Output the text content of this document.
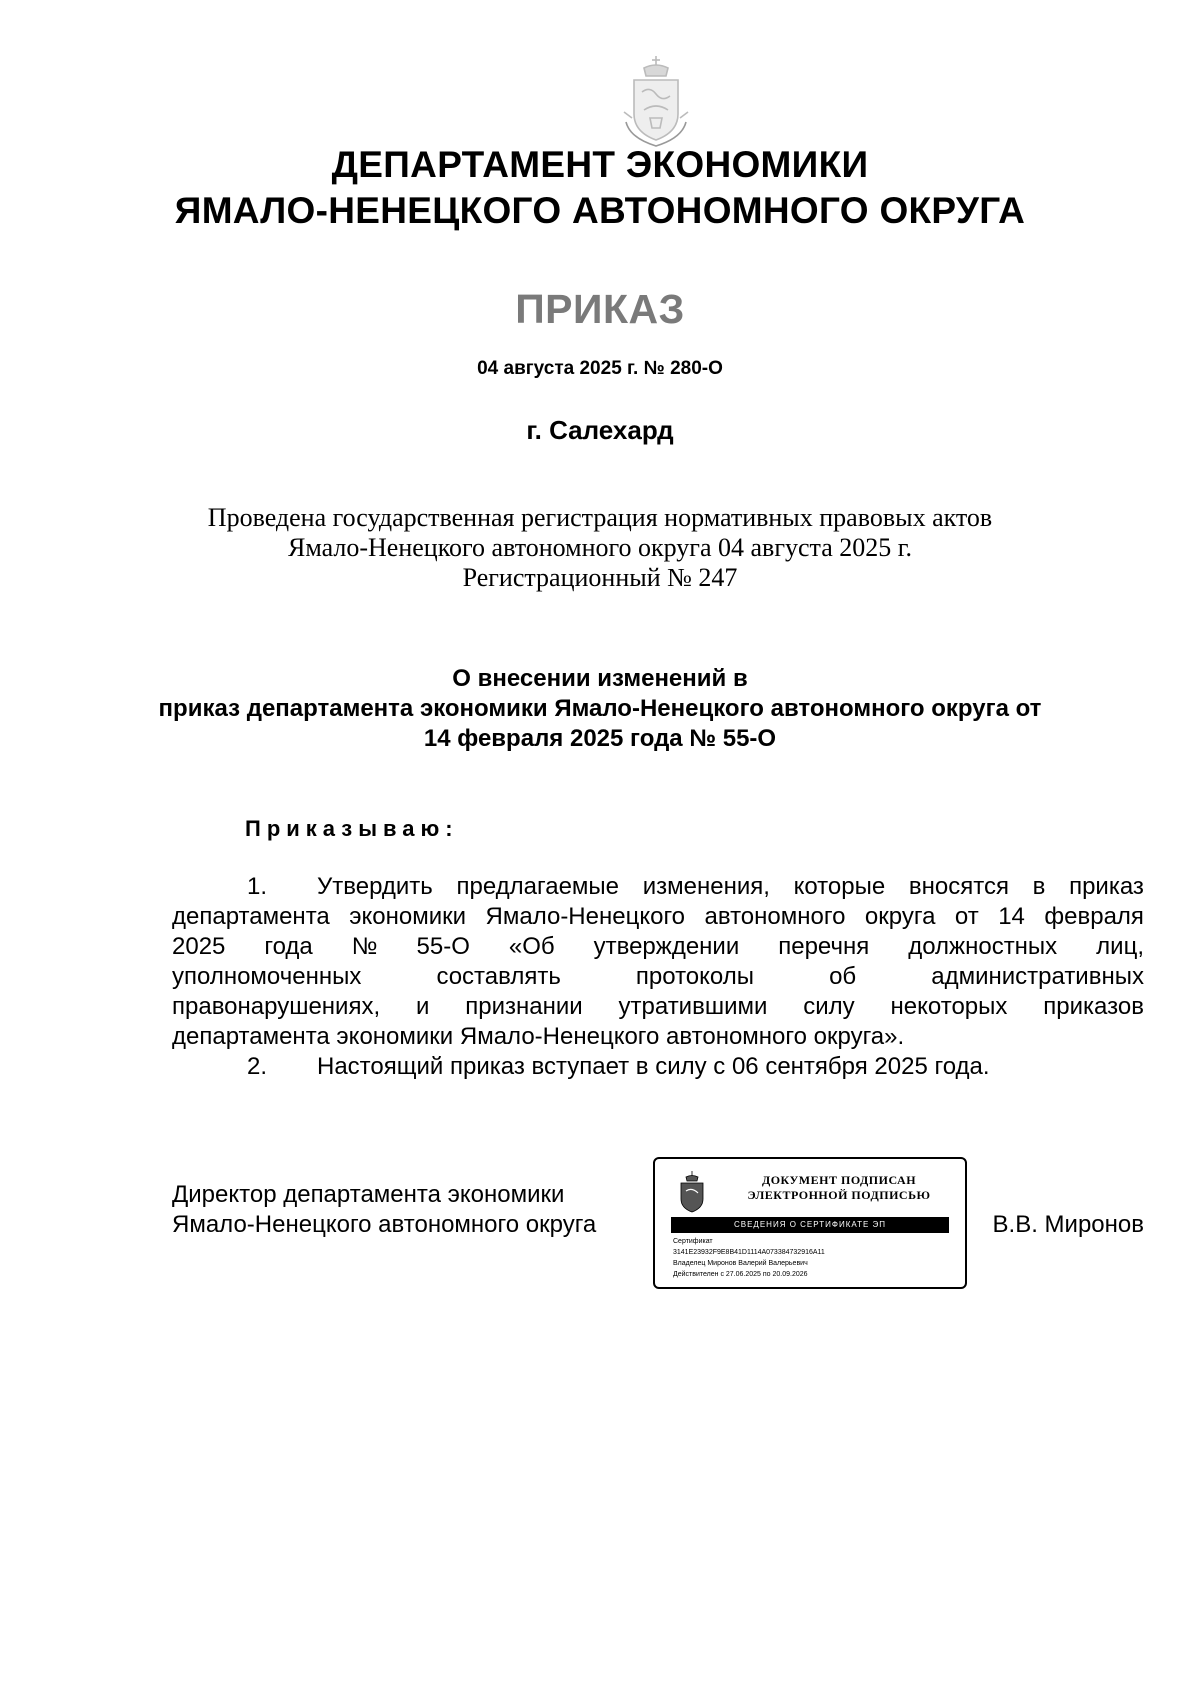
ДЕПАРТАМЕНТ ЭКОНОМИКИ
ЯМАЛО-НЕНЕЦКОГО АВТОНОМНОГО ОКРУГА
ПРИКАЗ
04 августа 2025 г. № 280-О
г. Салехард
Проведена государственная регистрация нормативных правовых актов
Ямало-Ненецкого автономного округа 04 августа 2025 г.
Регистрационный № 247
О внесении изменений в
приказ департамента экономики Ямало-Ненецкого автономного округа от
14 февраля 2025 года № 55-О
Приказываю:
1.	Утвердить предлагаемые изменения, которые вносятся в приказ
департамента экономики Ямало-Ненецкого автономного округа от 14 февраля
2025 года № 55-О «Об утверждении перечня должностных лиц,
уполномоченных	составлять	протоколы	об	административных
правонарушениях, и признании утратившими силу некоторых приказов
департамента экономики Ямало-Ненецкого автономного округа».
2.	Настоящий приказ вступает в силу с 06 сентября 2025 года.
Директор департамента экономики
Ямало-Ненецкого автономного округа
ДОКУМЕНТ ПОДПИСАН
ЭЛЕКТРОННОЙ ПОДПИСЬЮ
СВЕДЕНИЯ О СЕРТИФИКАТЕ ЭП
Сертификат
3141E23932F9E8B41D1114A073384732916A11
Владелец Миронов Валерий Валерьевич
Действителен с 27.06.2025 по 20.09.2026
В.В. Миронов
